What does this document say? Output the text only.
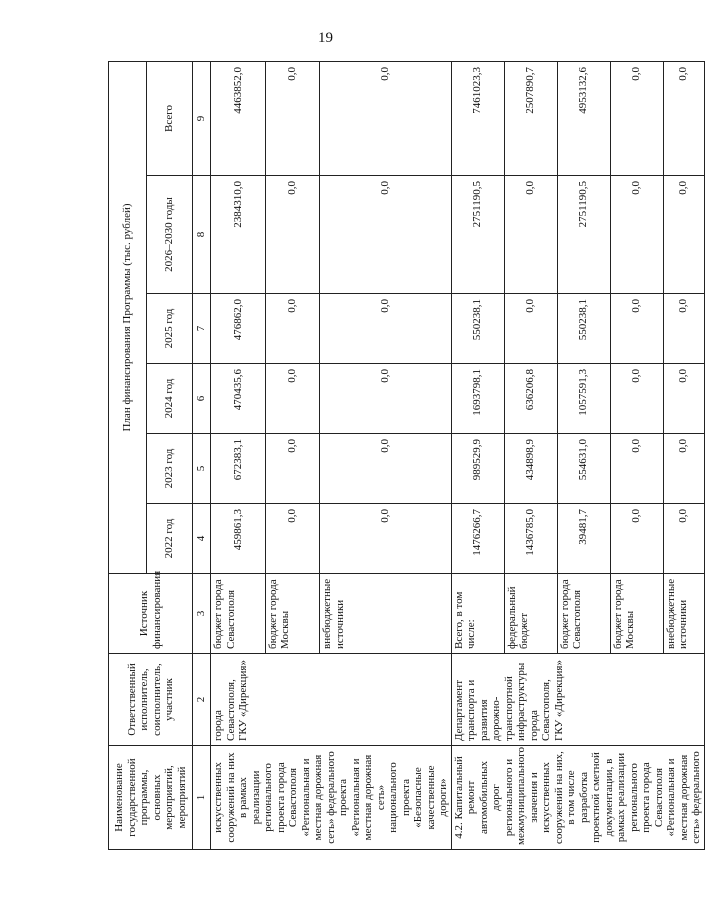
19
Наименование государственной программы, основных мероприятий, мероприятий	Ответственный исполнитель, соисполнитель, участник	Источник финансирования	План финансирования Программы (тыс. рублей)					
			2022 год	2023 год	2024 год	2025 год	2026–2030 годы	Всего
1	2	3	4	5	6	7	8	9
искусственных сооружений на них в рамках реализации регионального проекта города Севастополя «Региональная и местная дорожная сеть» федерального проекта «Региональная и местная дорожная сеть» национального проекта «Безопасные качественные дороги»	города Севастополя, ГКУ «Дирекция»	бюджет города Севастополя	459861,3	672383,1	470435,6	476862,0	2384310,0	4463852,0
		бюджет города Москвы	0,0	0,0	0,0	0,0	0,0	0,0
		внебюджетные источники	0,0	0,0	0,0	0,0	0,0	0,0
4.2. Капитальный ремонт автомобильных дорог регионального и межмуниципального значения и искусственных сооружений на них, в том числе разработка проектной сметной документации, в рамках реализации регионального проекта города Севастополя «Региональная и местная дорожная сеть» федерального	Департамент транспорта и развития дорожно-транспортной инфраструктуры города Севастополя, ГКУ «Дирекция»	Всего, в том числе:	1476266,7	989529,9	1693798,1	550238,1	2751190,5	7461023,3
		федеральный бюджет	1436785,0	434898,9	636206,8	0,0	0,0	2507890,7
		бюджет города Севастополя	39481,7	554631,0	1057591,3	550238,1	2751190,5	4953132,6
		бюджет города Москвы	0,0	0,0	0,0	0,0	0,0	0,0
		внебюджетные источники	0,0	0,0	0,0	0,0	0,0	0,0
